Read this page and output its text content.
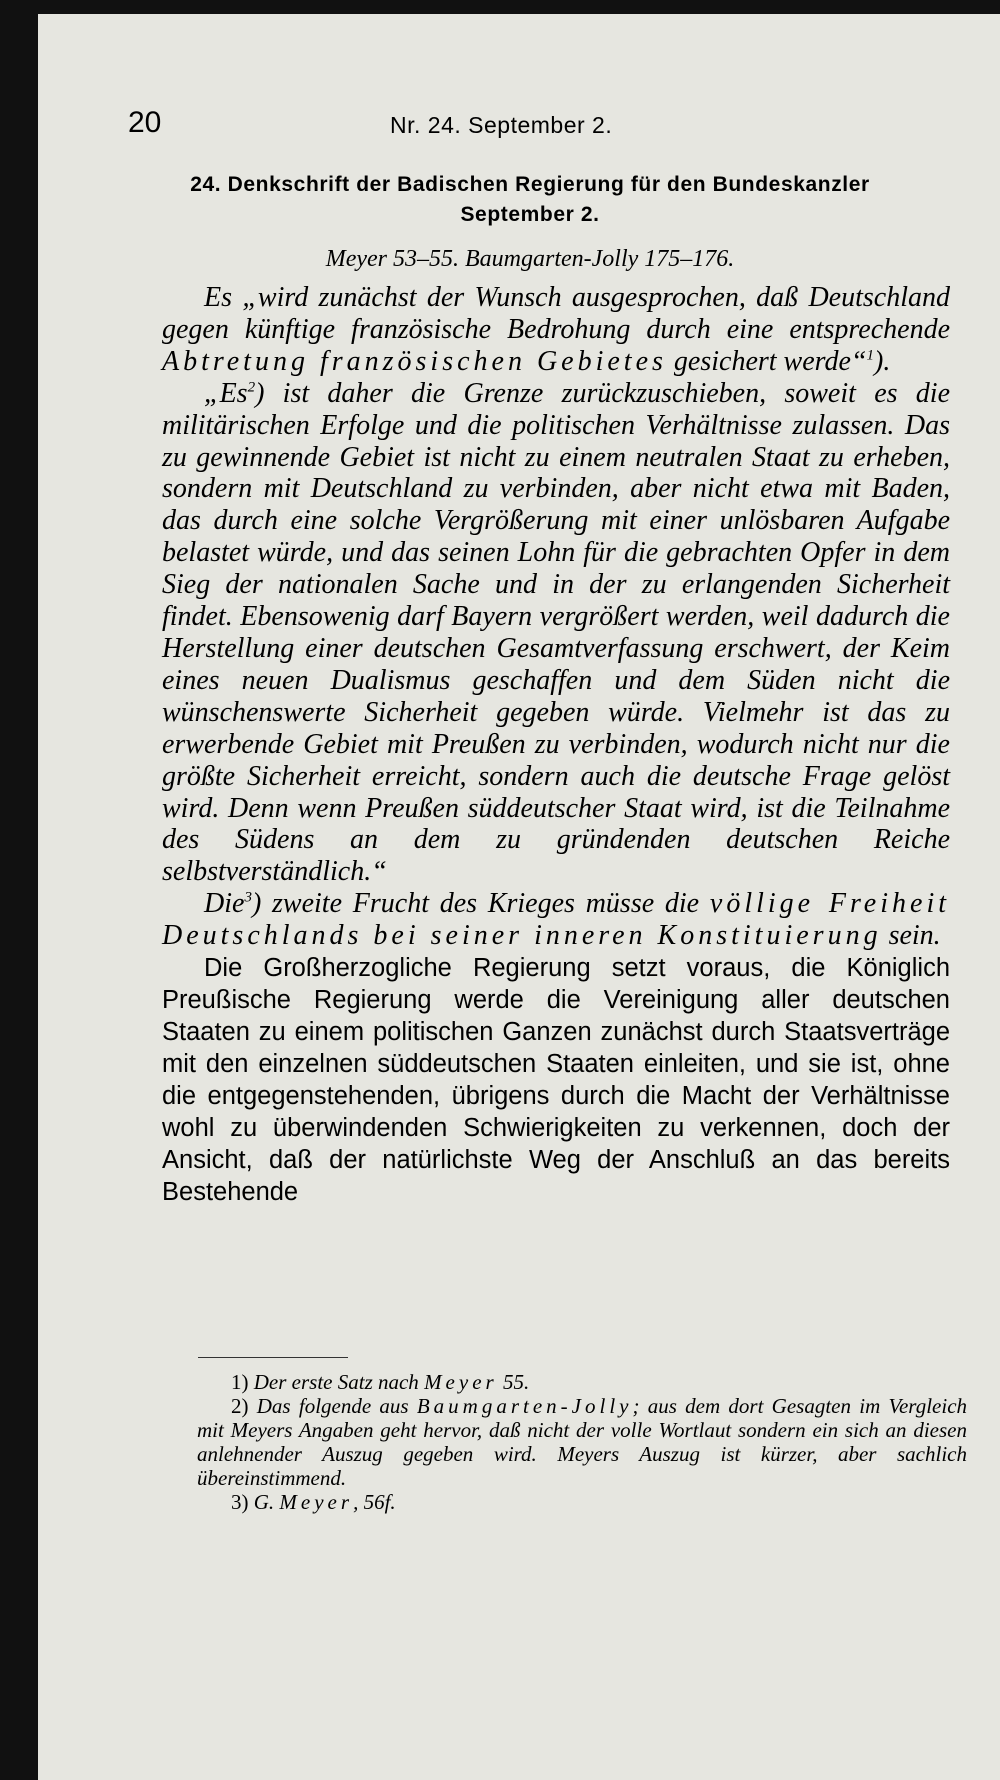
20	Nr. 24. September 2.
24. Denkschrift der Badischen Regierung für den Bundeskanzler
September 2.
Meyer 53–55. Baumgarten-Jolly 175–176.

Es „wird zunächst der Wunsch ausgesprochen, daß Deutschland gegen künftige französische Bedrohung durch eine entsprechende Abtretung französischen Gebietes gesichert werde“$^1$).

„Es$^2$) ist daher die Grenze zurückzuschieben, soweit es die militärischen Erfolge und die politischen Verhältnisse zulassen. Das zu gewinnende Gebiet ist nicht zu einem neutralen Staat zu erheben, sondern mit Deutschland zu verbinden, aber nicht etwa mit Baden, das durch eine solche Vergrößerung mit einer unlösbaren Aufgabe belastet würde, und das seinen Lohn für die gebrachten Opfer in dem Sieg der nationalen Sache und in der zu erlangenden Sicherheit findet. Ebensowenig darf Bayern vergrößert werden, weil dadurch die Herstellung einer deutschen Gesamtverfassung erschwert, der Keim eines neuen Dualismus geschaffen und dem Süden nicht die wünschenswerte Sicherheit gegeben würde. Vielmehr ist das zu erwerbende Gebiet mit Preußen zu verbinden, wodurch nicht nur die größte Sicherheit erreicht, sondern auch die deutsche Frage gelöst wird. Denn wenn Preußen süddeutscher Staat wird, ist die Teilnahme des Südens an dem zu gründenden deutschen Reiche selbstverständlich.“

Die$^3$) zweite Frucht des Krieges müsse die völlige Freiheit Deutschlands bei seiner inneren Konstituierung sein.

Die Großherzogliche Regierung setzt voraus, die Königlich Preußische Regierung werde die Vereinigung aller deutschen Staaten zu einem politischen Ganzen zunächst durch Staatsverträge mit den einzelnen süddeutschen Staaten einleiten, und sie ist, ohne die entgegenstehenden, übrigens durch die Macht der Verhältnisse wohl zu überwindenden Schwierigkeiten zu verkennen, doch der Ansicht, daß der natürlichste Weg der Anschluß an das bereits Bestehende

1) Der erste Satz nach Meyer 55.
2) Das folgende aus Baumgarten-Jolly; aus dem dort Gesagten im Vergleich mit Meyers Angaben geht hervor, daß nicht der volle Wortlaut sondern ein sich an diesen anlehnender Auszug gegeben wird. Meyers Auszug ist kürzer, aber sachlich übereinstimmend.
3) G. Meyer, 56f.
